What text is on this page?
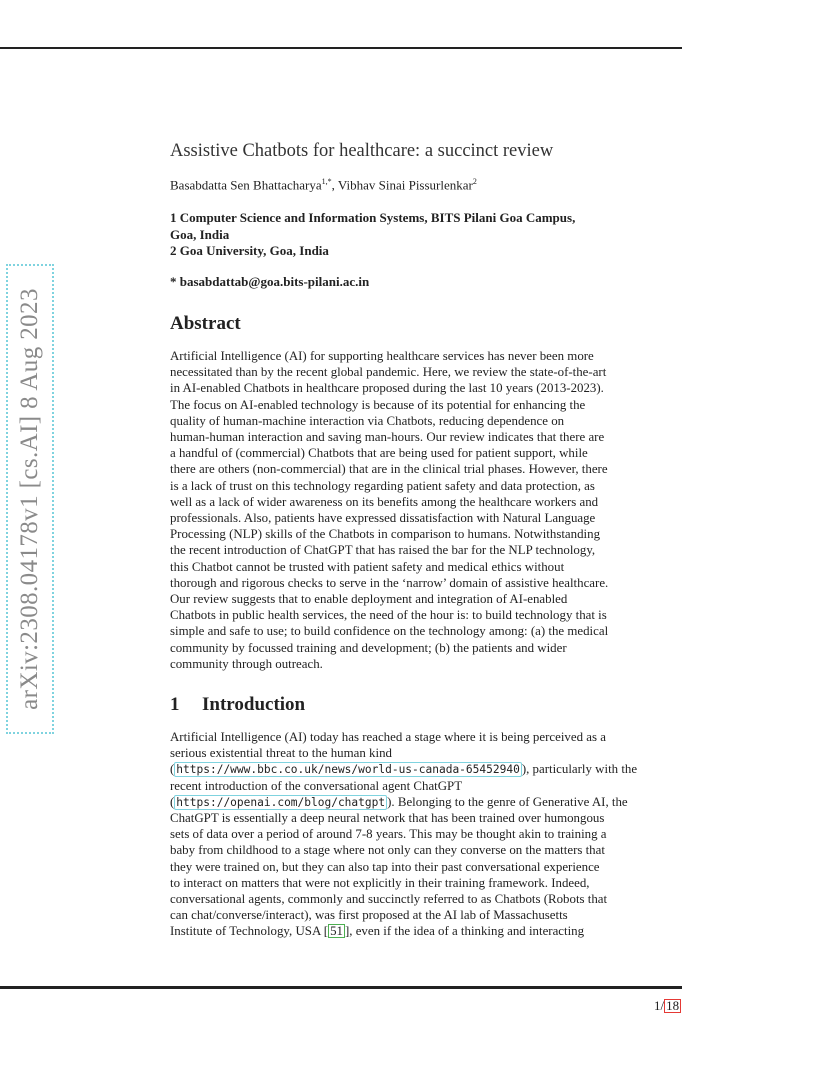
arXiv:2308.04178v1 [cs.AI] 8 Aug 2023
Assistive Chatbots for healthcare: a succinct review
Basabdatta Sen Bhattacharya$^{1,*}$, Vibhav Sinai Pissurlenkar$^2$
1 Computer Science and Information Systems, BITS Pilani Goa Campus,
Goa, India
2 Goa University, Goa, India
* basabdattab@goa.bits-pilani.ac.in
Abstract
Artificial Intelligence (AI) for supporting healthcare services has never been more
necessitated than by the recent global pandemic. Here, we review the state-of-the-art
in AI-enabled Chatbots in healthcare proposed during the last 10 years (2013-2023).
The focus on AI-enabled technology is because of its potential for enhancing the
quality of human-machine interaction via Chatbots, reducing dependence on
human-human interaction and saving man-hours. Our review indicates that there are
a handful of (commercial) Chatbots that are being used for patient support, while
there are others (non-commercial) that are in the clinical trial phases. However, there
is a lack of trust on this technology regarding patient safety and data protection, as
well as a lack of wider awareness on its benefits among the healthcare workers and
professionals. Also, patients have expressed dissatisfaction with Natural Language
Processing (NLP) skills of the Chatbots in comparison to humans. Notwithstanding
the recent introduction of ChatGPT that has raised the bar for the NLP technology,
this Chatbot cannot be trusted with patient safety and medical ethics without
thorough and rigorous checks to serve in the ‘narrow’ domain of assistive healthcare.
Our review suggests that to enable deployment and integration of AI-enabled
Chatbots in public health services, the need of the hour is: to build technology that is
simple and safe to use; to build confidence on the technology among: (a) the medical
community by focussed training and development; (b) the patients and wider
community through outreach.
1 Introduction
Artificial Intelligence (AI) today has reached a stage where it is being perceived as a
serious existential threat to the human kind
( https://www.bbc.co.uk/news/world-us-canada-65452940 ), particularly with the
recent introduction of the conversational agent ChatGPT
( https://openai.com/blog/chatgpt ). Belonging to the genre of Generative AI, the
ChatGPT is essentially a deep neural network that has been trained over humongous
sets of data over a period of around 7-8 years. This may be thought akin to training a
baby from childhood to a stage where not only can they converse on the matters that
they were trained on, but they can also tap into their past conversational experience
to interact on matters that were not explicitly in their training framework. Indeed,
conversational agents, commonly and succinctly referred to as Chatbots (Robots that
can chat/converse/interact), was first proposed at the AI lab of Massachusetts
Institute of Technology, USA [ 51 ], even if the idea of a thinking and interacting
1/ 18
